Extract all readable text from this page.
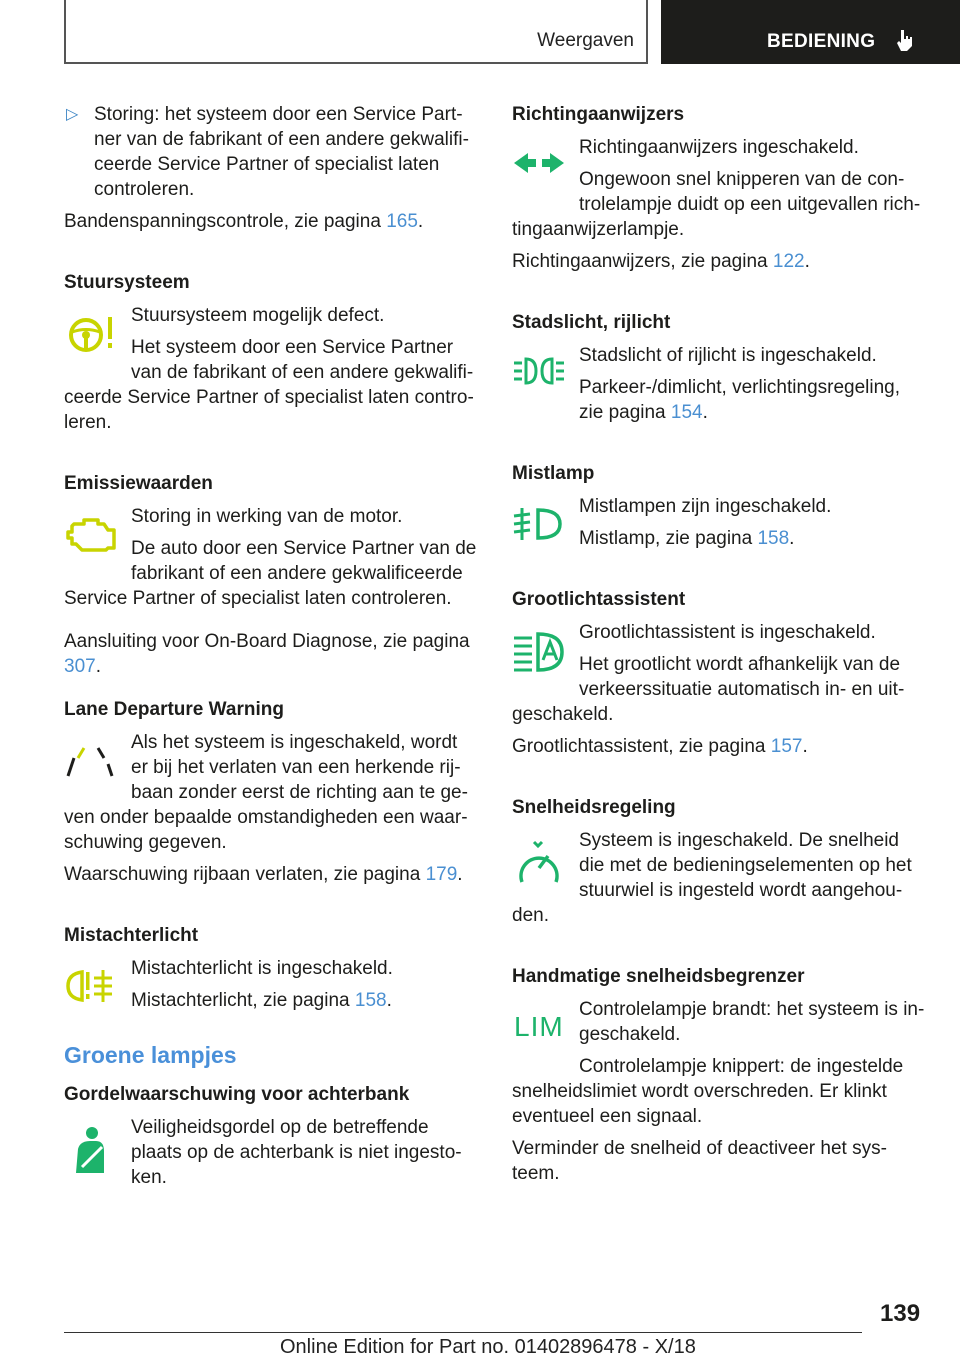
Weergaven	BEDIENING

▷ Storing: het systeem door een Service Partner van de fabrikant of een andere gekwalificeerde Service Partner of specialist laten controleren.

Bandenspanningscontrole, zie pagina 165.

Stuursysteem

Stuursysteem mogelijk defect.

Het systeem door een Service Partner van de fabrikant of een andere gekwalificeerde Service Partner of specialist laten controleren.

Emissiewaarden

Storing in werking van de motor.

De auto door een Service Partner van de fabrikant of een andere gekwalificeerde Service Partner of specialist laten controleren.

Aansluiting voor On-Board Diagnose, zie pagina 307.

Lane Departure Warning

Als het systeem is ingeschakeld, wordt er bij het verlaten van een herkende rijbaan zonder eerst de richting aan te geven onder bepaalde omstandigheden een waarschuwing gegeven.

Waarschuwing rijbaan verlaten, zie pagina 179.

Mistachterlicht

Mistachterlicht is ingeschakeld.

Mistachterlicht, zie pagina 158.

Groene lampjes

Gordelwaarschuwing voor achterbank

Veiligheidsgordel op de betreffende plaats op de achterbank is niet ingestoken.

Richtingaanwijzers

Richtingaanwijzers ingeschakeld.

Ongewoon snel knipperen van de controlelampje duidt op een uitgevallen richtingaanwijzerlampje.

Richtingaanwijzers, zie pagina 122.

Stadslicht, rijlicht

Stadslicht of rijlicht is ingeschakeld.

Parkeer-/dimlicht, verlichtingsregeling, zie pagina 154.

Mistlamp

Mistlampen zijn ingeschakeld.

Mistlamp, zie pagina 158.

Grootlichtassistent

Grootlichtassistent is ingeschakeld.

Het grootlicht wordt afhankelijk van de verkeerssituatie automatisch in- en uitgeschakeld.

Grootlichtassistent, zie pagina 157.

Snelheidsregeling

Systeem is ingeschakeld. De snelheid die met de bedieningselementen op het stuurwiel is ingesteld wordt aangehouden.

Handmatige snelheidsbegrenzer

LIM

Controlelampje brandt: het systeem is ingeschakeld.

Controlelampje knippert: de ingestelde snelheidslimiet wordt overschreden. Er klinkt eventueel een signaal.

Verminder de snelheid of deactiveer het systeem.

139
Online Edition for Part no. 01402896478 - X/18
